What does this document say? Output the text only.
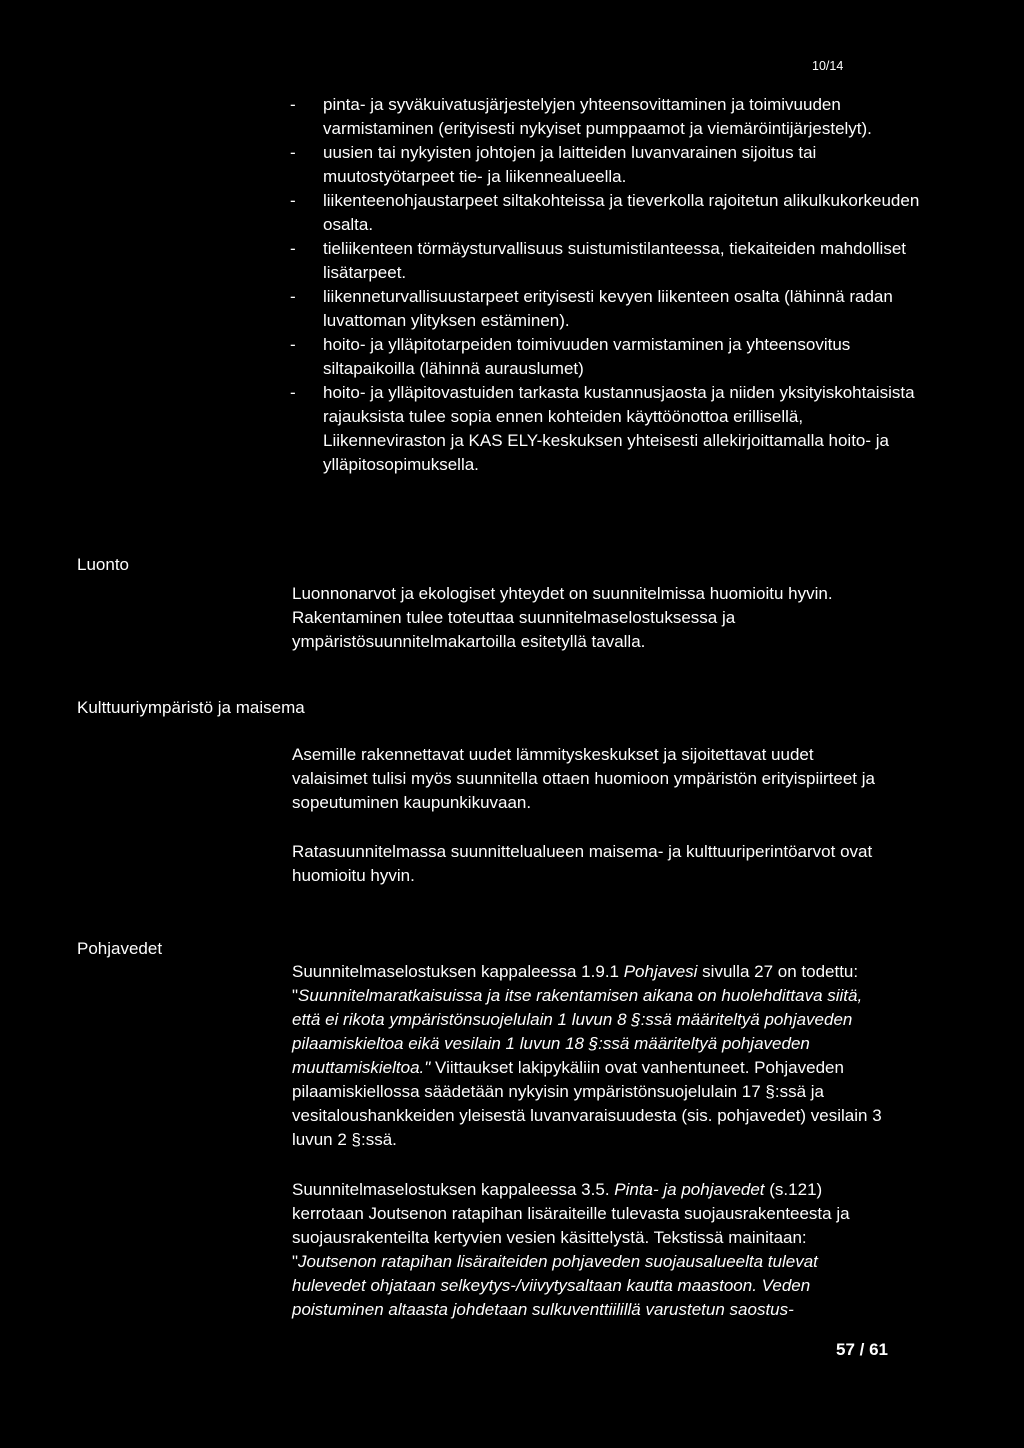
10/14
- pinta- ja syväkuivatusjärjestelyjen yhteensovittaminen ja toimivuuden varmistaminen (erityisesti nykyiset pumppaamot ja viemäröintijärjestelyt).
- uusien tai nykyisten johtojen ja laitteiden luvanvarainen sijoitus tai muutostyötarpeet tie- ja liikennealueella.
- liikenteenohjaustarpeet siltakohteissa ja tieverkolla rajoitetun alikulkukorkeuden osalta.
- tieliikenteen törmäysturvallisuus suistumistilanteessa, tiekaiteiden mahdolliset lisätarpeet.
- liikenneturvallisuustarpeet erityisesti kevyen liikenteen osalta (lähinnä radan luvattoman ylityksen estäminen).
- hoito- ja ylläpitotarpeiden toimivuuden varmistaminen ja yhteensovitus siltapaikoilla (lähinnä aurauslumet)
- hoito- ja ylläpitovastuiden tarkasta kustannusjaosta ja niiden yksityiskohtaisista rajauksista tulee sopia ennen kohteiden käyttöönottoa erillisellä, Liikenneviraston ja KAS ELY-keskuksen yhteisesti allekirjoittamalla hoito- ja ylläpitosopimuksella.
Luonto

Luonnonarvot ja ekologiset yhteydet on suunnitelmissa huomioitu hyvin. Rakentaminen tulee toteuttaa suunnitelmaselostuksessa ja ympäristösuunnitelmakartoilla esitetyllä tavalla.

Kulttuuriympäristö ja maisema

Asemille rakennettavat uudet lämmityskeskukset ja sijoitettavat uudet valaisimet tulisi myös suunnitella ottaen huomioon ympäristön erityispiirteet ja sopeutuminen kaupunkikuvaan.

Ratasuunnitelmassa suunnittelualueen maisema- ja kulttuuriperintöarvot ovat huomioitu hyvin.

Pohjavedet

Suunnitelmaselostuksen kappaleessa 1.9.1 Pohjavesi sivulla 27 on todettu: "Suunnitelmaratkaisuissa ja itse rakentamisen aikana on huolehdittava siitä, että ei rikota ympäristönsuojelulain 1 luvun 8 §:ssä määriteltyä pohjaveden pilaamiskieltoa eikä vesilain 1 luvun 18 §:ssä määriteltyä pohjaveden muuttamiskieltoa." Viittaukset lakipykäliin ovat vanhentuneet. Pohjaveden pilaamiskiellossa säädetään nykyisin ympäristönsuojelulain 17 §:ssä ja vesitaloushankkeiden yleisestä luvanvaraisuudesta (sis. pohjavedet) vesilain 3 luvun 2 §:ssä.

Suunnitelmaselostuksen kappaleessa 3.5. Pinta- ja pohjavedet (s.121) kerrotaan Joutsenon ratapihan lisäraiteille tulevasta suojausrakenteesta ja suojausrakenteilta kertyvien vesien käsittelystä. Tekstissä mainitaan: "Joutsenon ratapihan lisäraiteiden pohjaveden suojausalueelta tulevat hulevedet ohjataan selkeytys-/viivytysaltaan kautta maastoon. Veden poistuminen altaasta johdetaan sulkuventtiilillä varustetun saostus-

57 / 61
